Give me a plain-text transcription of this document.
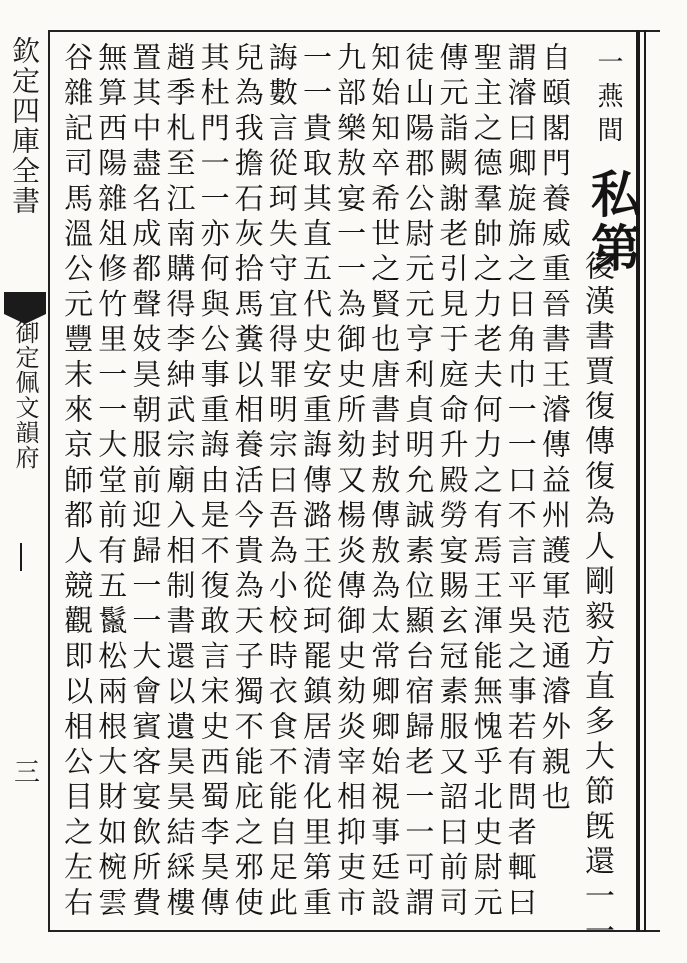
欽定四庫全書
御定佩文韻府
三
一燕間
私第
後漢書賈復傳復為人剛毅方直多大節旣還一一
自頤閣門養威重晉書王濬傳益州護軍范通濬外親也
謂濬曰卿旋旆之日角巾一一口不言平吳之事若有問者輒曰
聖主之德羣帥之力老夫何力之有焉王渾能無愧乎北史尉元
傳元詣闕謝老引見于庭命升殿勞宴賜玄冠素服又詔曰前司
徒山陽郡公尉元元亨利貞明允誠素位顯台宿歸老一一可謂
知始知卒希世之賢也唐書封敖傳敖為太常卿卿始視事廷設
九部樂敖宴一一為御史所劾又楊炎傳御史劾炎宰相抑吏市
一一貴取其直五代史安重誨傳潞王從珂罷鎮居清化里第重
誨數言從珂失守宜得罪明宗曰吾為小校時衣食不能自足此
兒為我擔石灰拾馬糞以相養活今貴為天子獨不能庇之邪使
其杜門一一亦何與公事重誨由是不復敢言宋史西蜀李昊傳
趙季札至江南購得李紳武宗廟入相制書還以遺昊昊結綵樓
置其中盡名成都聲妓昊朝服前迎歸一一大會賓客宴飲所費
無算西陽雜俎修竹里一一大堂前有五鬣松兩根大財如椀雲
谷雜記司馬溫公元豐末來京師都人競觀即以相公目之左右
